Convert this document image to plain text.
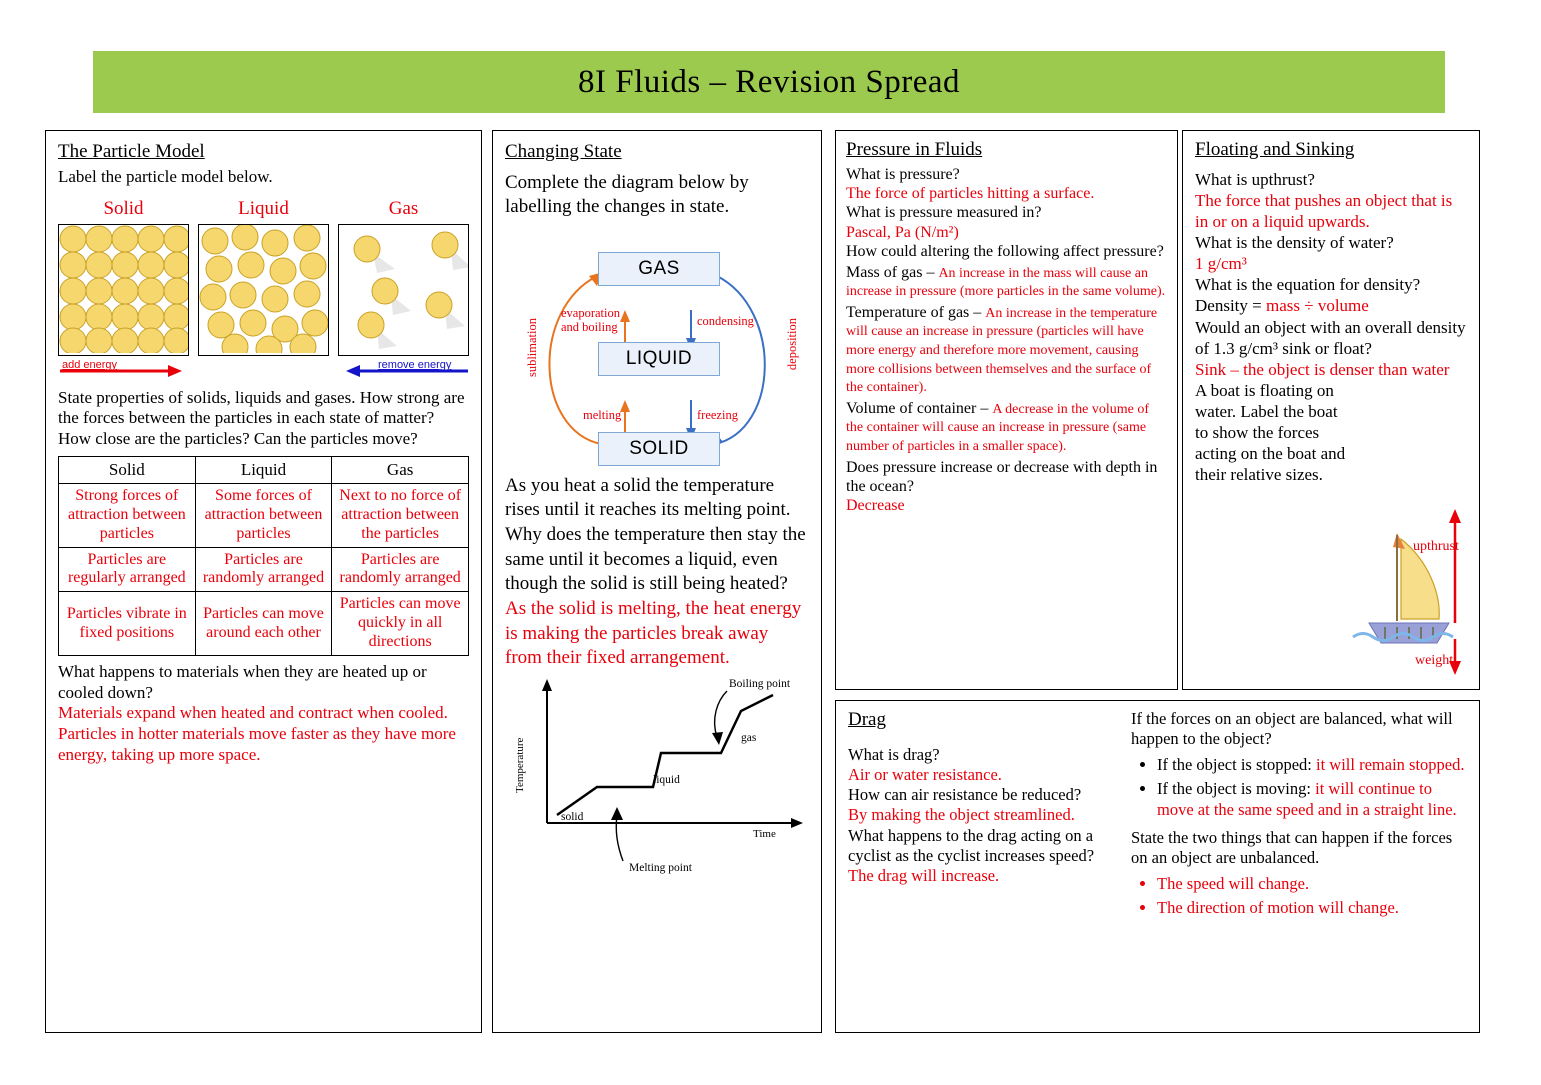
8I Fluids – Revision Spread
The Particle Model
Label the particle model below.
Solid	Liquid	Gas
add energy	remove energy
State properties of solids, liquids and gases. How strong are the forces between the particles in each state of matter? How close are the particles? Can the particles move?
Solid	Liquid	Gas
Strong forces of attraction between particles	Some forces of attraction between particles	Next to no force of attraction between the particles
Particles are regularly arranged	Particles are randomly arranged	Particles are randomly arranged
Particles vibrate in fixed positions	Particles can move around each other	Particles can move quickly in all directions
What happens to materials when they are heated up or cooled down?
Materials expand when heated and contract when cooled. Particles in hotter materials move faster as they have more energy, taking up more space.
Changing State
Complete the diagram below by labelling the changes in state.
GAS
LIQUID
SOLID
evaporation and boiling	condensing
sublimation	deposition
melting	freezing
As you heat a solid the temperature rises until it reaches its melting point. Why does the temperature then stay the same until it becomes a liquid, even though the solid is still being heated?
As the solid is melting, the heat energy is making the particles break away from their fixed arrangement.
Temperature
Time
Boiling point
Melting point
solid
liquid
gas
Pressure in Fluids
What is pressure?
The force of particles hitting a surface.
What is pressure measured in?
Pascal, Pa (N/m²)
How could altering the following affect pressure?
Mass of gas – An increase in the mass will cause an increase in pressure (more particles in the same volume).
Temperature of gas – An increase in the temperature will cause an increase in pressure (particles will have more energy and therefore more movement, causing more collisions between themselves and the surface of the container).
Volume of container – A decrease in the volume of the container will cause an increase in pressure (same number of particles in a smaller space).
Does pressure increase or decrease with depth in the ocean?
Decrease
Floating and Sinking
What is upthrust?
The force that pushes an object that is in or on a liquid upwards.
What is the density of water?
1 g/cm³
What is the equation for density?
Density = mass ÷ volume
Would an object with an overall density of 1.3 g/cm³ sink or float?
Sink – the object is denser than water
A boat is floating on water. Label the boat to show the forces acting on the boat and their relative sizes.
upthrust
weight
Drag
What is drag?
Air or water resistance.
How can air resistance be reduced?
By making the object streamlined.
What happens to the drag acting on a cyclist as the cyclist increases speed?
The drag will increase.
If the forces on an object are balanced, what will happen to the object?
• If the object is stopped: it will remain stopped.
• If the object is moving: it will continue to move at the same speed and in a straight line.
State the two things that can happen if the forces on an object are unbalanced.
• The speed will change.
• The direction of motion will change.
